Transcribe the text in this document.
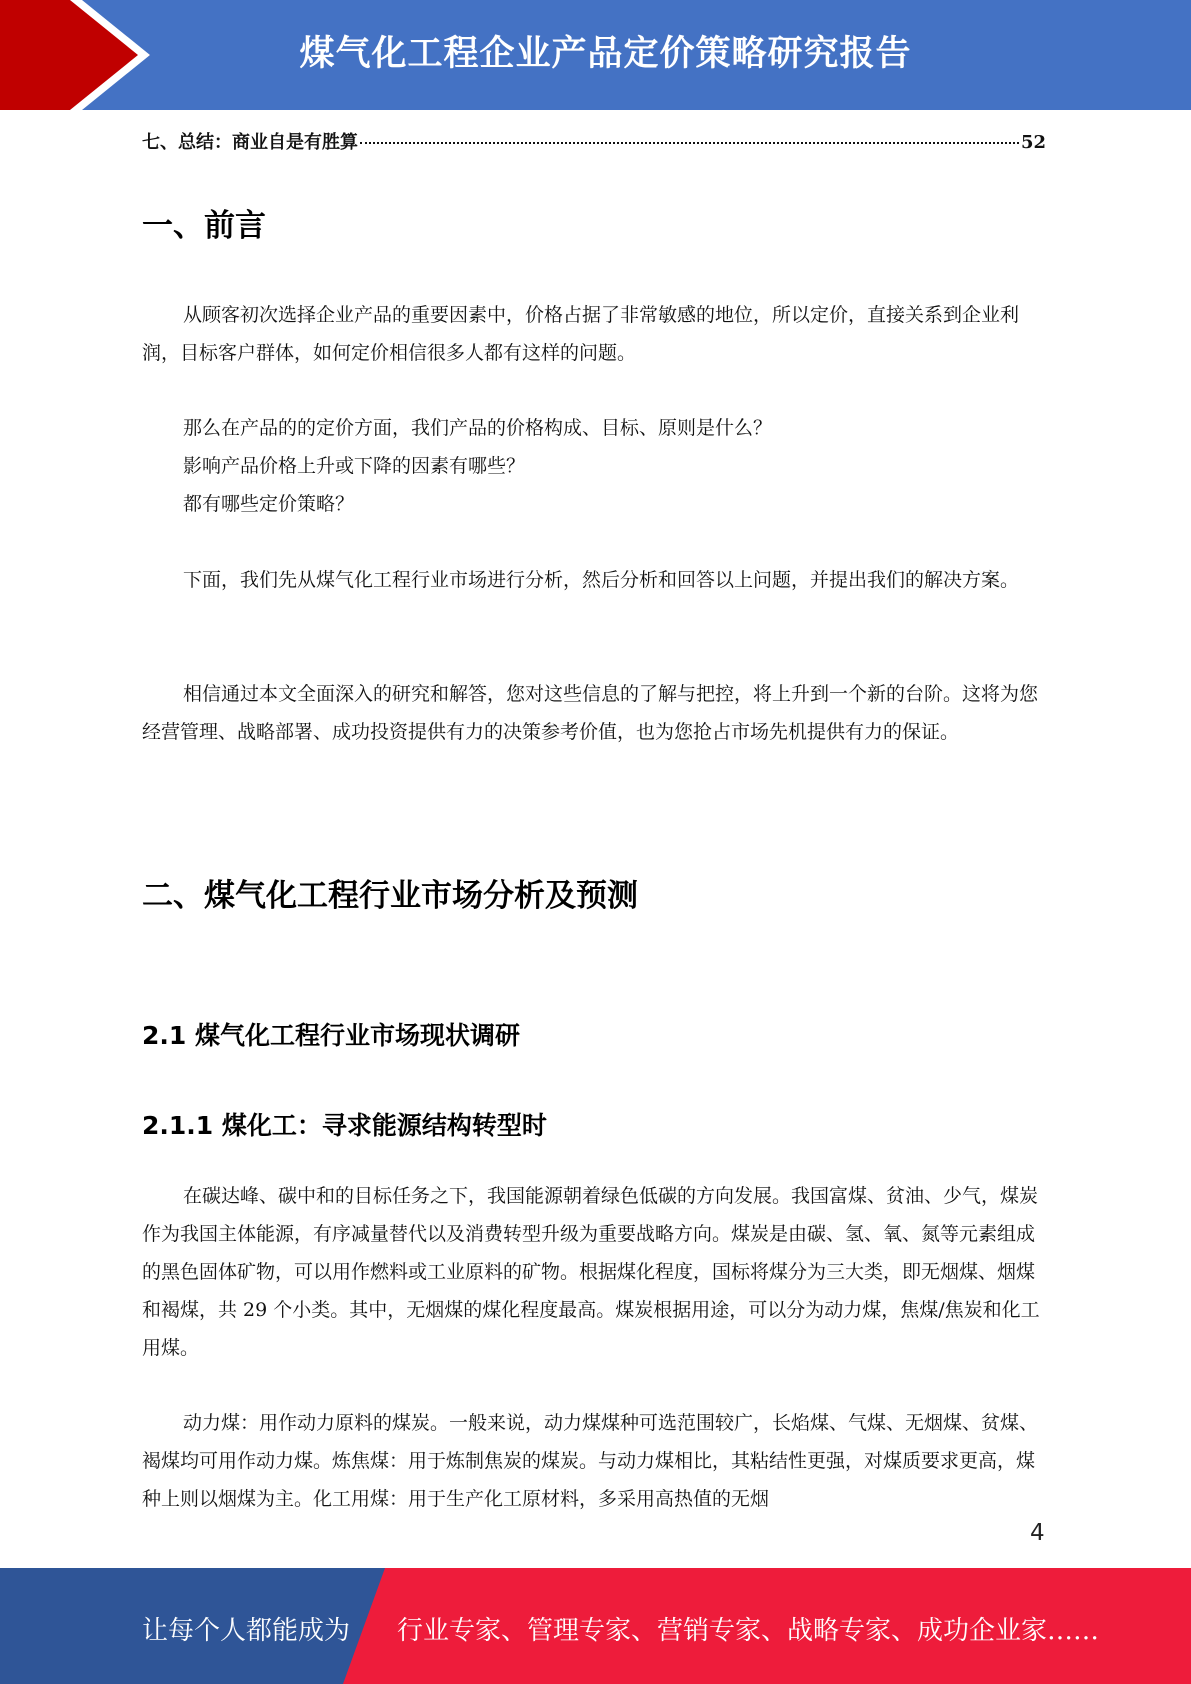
煤气化工程企业产品定价策略研究报告
七、总结：商业自是有胜算	52
一、前言

从顾客初次选择企业产品的重要因素中，价格占据了非常敏感的地位，所以定价，直接关系到企业利润，目标客户群体，如何定价相信很多人都有这样的问题。

那么在产品的的定价方面，我们产品的价格构成、目标、原则是什么？

影响产品价格上升或下降的因素有哪些？

都有哪些定价策略？

下面，我们先从煤气化工程行业市场进行分析，然后分析和回答以上问题，并提出我们的解决方案。

相信通过本文全面深入的研究和解答，您对这些信息的了解与把控，将上升到一个新的台阶。这将为您经营管理、战略部署、成功投资提供有力的决策参考价值，也为您抢占市场先机提供有力的保证。

二、煤气化工程行业市场分析及预测
2.1 煤气化工程行业市场现状调研
2.1.1 煤化工：寻求能源结构转型时

在碳达峰、碳中和的目标任务之下，我国能源朝着绿色低碳的方向发展。我国富煤、贫油、少气，煤炭作为我国主体能源，有序减量替代以及消费转型升级为重要战略方向。煤炭是由碳、氢、氧、氮等元素组成的黑色固体矿物，可以用作燃料或工业原料的矿物。根据煤化程度，国标将煤分为三大类，即无烟煤、烟煤和褐煤，共 29 个小类。其中，无烟煤的煤化程度最高。煤炭根据用途，可以分为动力煤，焦煤/焦炭和化工用煤。

动力煤：用作动力原料的煤炭。一般来说，动力煤煤种可选范围较广，长焰煤、气煤、无烟煤、贫煤、褐煤均可用作动力煤。炼焦煤：用于炼制焦炭的煤炭。与动力煤相比，其粘结性更强，对煤质要求更高，煤种上则以烟煤为主。化工用煤：用于生产化工原材料，多采用高热值的无烟

4
让每个人都能成为 行业专家、管理专家、营销专家、战略专家、成功企业家……
